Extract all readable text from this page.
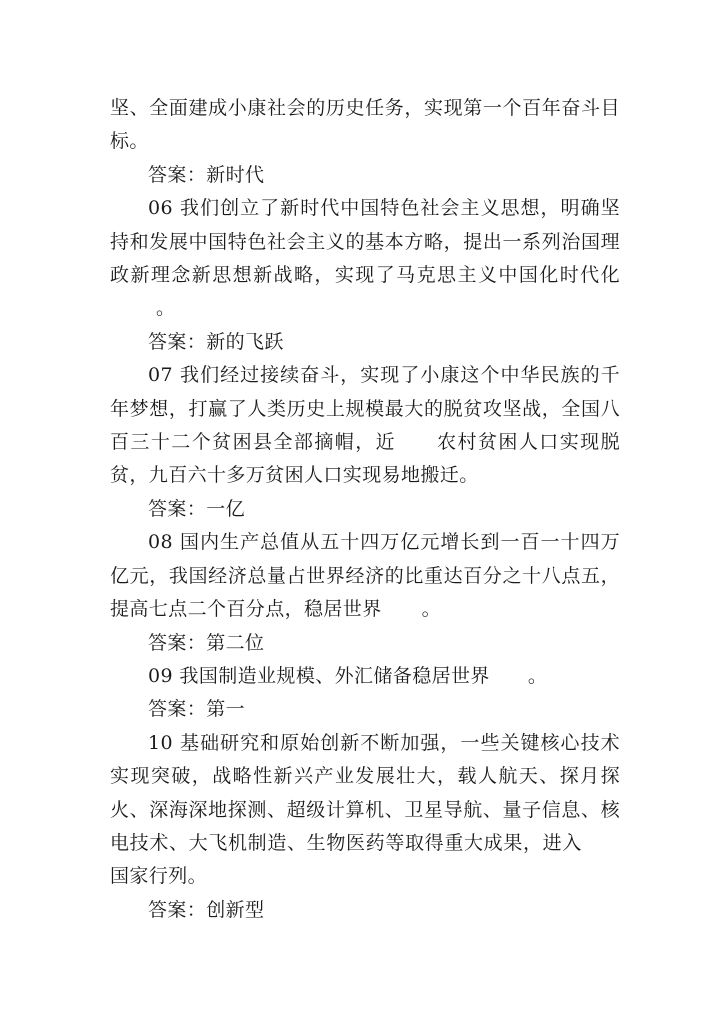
坚、全面建成小康社会的历史任务，实现第一个百年奋斗目标。

答案：新时代

06 我们创立了新时代中国特色社会主义思想，明确坚持和发展中国特色社会主义的基本方略，提出一系列治国理政新理念新思想新战略，实现了马克思主义中国化时代化。

答案：新的飞跃

07 我们经过接续奋斗，实现了小康这个中华民族的千年梦想，打赢了人类历史上规模最大的脱贫攻坚战，全国八百三十二个贫困县全部摘帽，近 农村贫困人口实现脱贫，九百六十多万贫困人口实现易地搬迁。

答案：一亿

08 国内生产总值从五十四万亿元增长到一百一十四万亿元，我国经济总量占世界经济的比重达百分之十八点五，提高七点二个百分点，稳居世界 。

答案：第二位

09 我国制造业规模、外汇储备稳居世界 。

答案：第一

10 基础研究和原始创新不断加强，一些关键核心技术实现突破，战略性新兴产业发展壮大，载人航天、探月探火、深海深地探测、超级计算机、卫星导航、量子信息、核电技术、大飞机制造、生物医药等取得重大成果，进入国家行列。

答案：创新型
